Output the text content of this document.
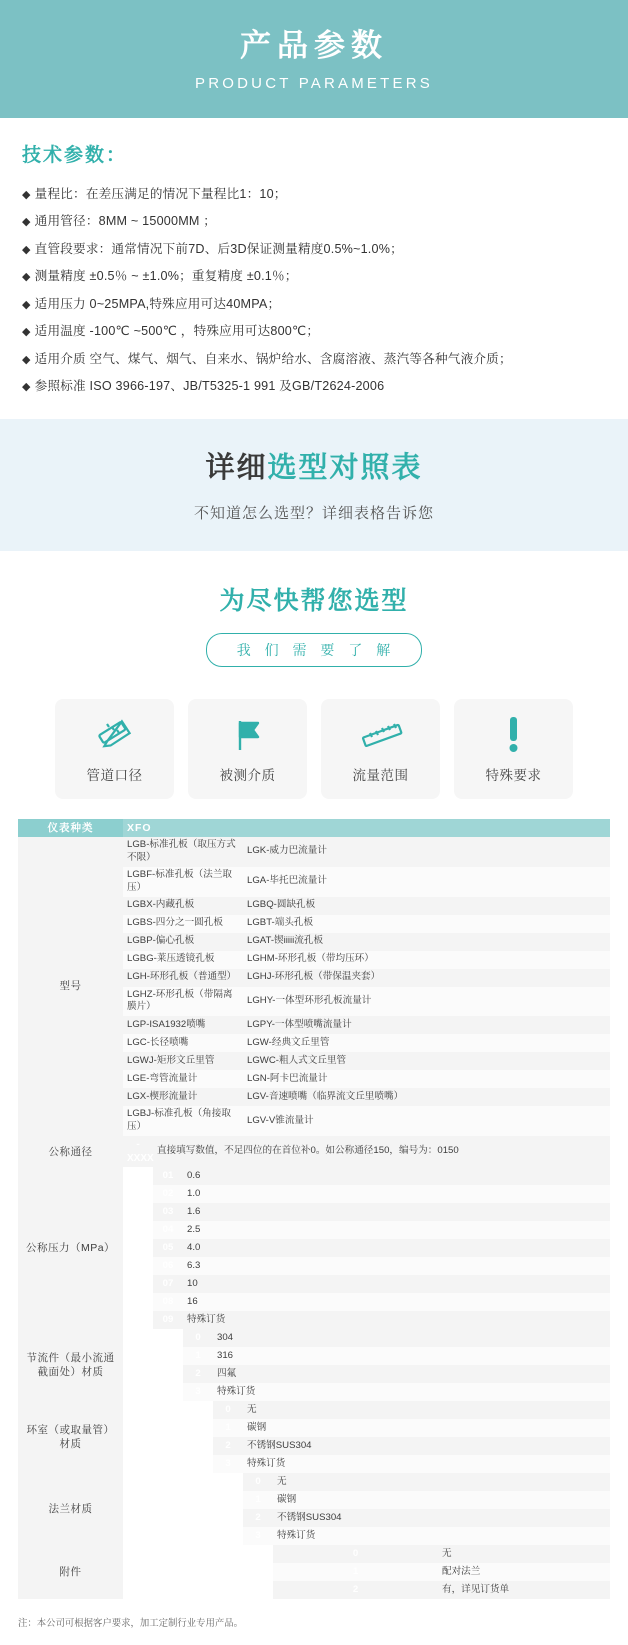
产品参数
PRODUCT PARAMETERS
技术参数：
◆ 量程比：在差压满足的情况下量程比1：10；
◆ 通用管径：8MM ~ 15000MM ；
◆ 直管段要求：通常情况下前7D、后3D保证测量精度0.5%~1.0%；
◆ 测量精度 ±0.5％ ~ ±1.0%；重复精度 ±0.1％；
◆ 适用压力 0~25MPA,特殊应用可达40MPA；
◆ 适用温度 -100℃ ~500℃ ，特殊应用可达800℃；
◆ 适用介质 空气、煤气、烟气、自来水、锅炉给水、含腐溶液、蒸汽等各种气液介质；
◆ 参照标准 ISO 3966-197、JB/T5325-1 991 及GB/T2624-2006
详细选型对照表
不知道怎么选型？详细表格告诉您
为尽快帮您选型
我 们 需 要 了 解
管道口径	被测介质	流量范围	特殊要求
仪表种类	XFO						
型号	LGB-标准孔板（取压方式不限）				LGK-威力巴流量计		
	LGBF-标准孔板（法兰取压）				LGA-毕托巴流量计		
	LGBX-内藏孔板				LGBQ-圆缺孔板		
	LGBS-四分之一圆孔板				LGBT-端头孔板		
	LGBP-偏心孔板				LGAT-锲iiiii流孔板		
	LGBG-莱压透镜孔板				LGHM-环形孔板（带均压环）		
	LGH-环形孔板（普通型）				LGHJ-环形孔板（带保温夹套）		
	LGHZ-环形孔板（带隔离膜片）				LGHY-一体型环形孔板流量计		
	LGP-ISA1932喷嘴				LGPY-一体型喷嘴流量计		
	LGC-长径喷嘴				LGW-经典文丘里管		
	LGWJ-矩形文丘里管				LGWC-粗人式文丘里管		
	LGE-弯管流量计				LGN-阿卡巴流量计		
	LGX-楔形流量计				LGV-音速喷嘴（临界流文丘里喷嘴）		
	LGBJ-标准孔板（角接取压）				LGV-V锥流量计		
公称通径	-XXXX	直接填写数值，不足四位的在首位补0。如公称通径150，编号为：0150					
公称压力（MPa）		01	0.6				
		02	1.0				
		03	1.6				
		04	2.5				
		05	4.0				
		06	6.3				
		07	10				
		08	16				
		09	特殊订货				
节流件（最小流通截面处）材质			0	304			
			1	316			
			2	四氟			
			3	特殊订货			
环室（或取量管）材质				0	无		
				1	碳钢		
				2	不锈钢SUS304		
				3	特殊订货		
法兰材质					0	无	
					1	碳钢	
					2	不锈钢SUS304	
					3	特殊订货	
附件						0	无
						1	配对法兰
						2	有，详见订货单
注：本公司可根据客户要求，加工定制行业专用产品。
